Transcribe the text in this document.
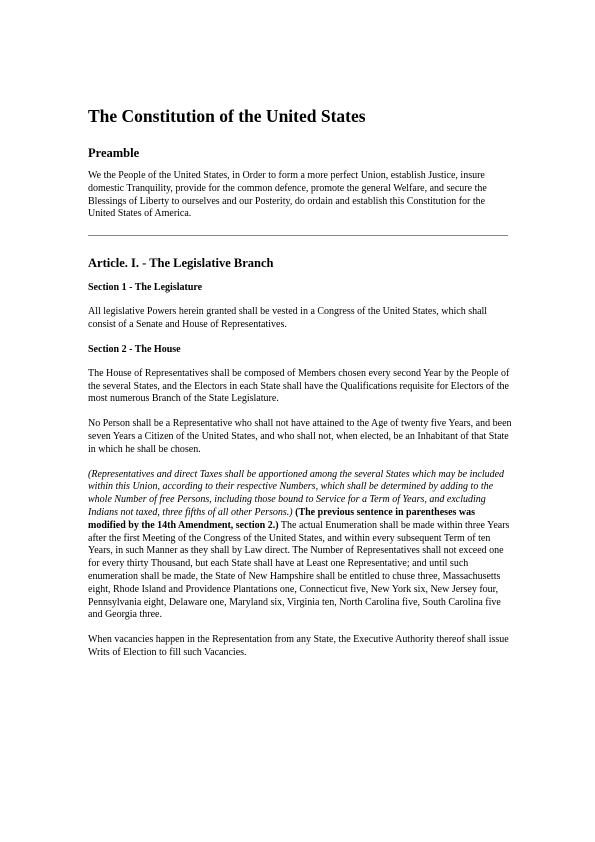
The Constitution of the United States
Preamble

We the People of the United States, in Order to form a more perfect Union, establish Justice, insure domestic Tranquility, provide for the common defence, promote the general Welfare, and secure the Blessings of Liberty to ourselves and our Posterity, do ordain and establish this Constitution for the United States of America.

Article. I. - The Legislative Branch
Section 1 - The Legislature

All legislative Powers herein granted shall be vested in a Congress of the United States, which shall consist of a Senate and House of Representatives.

Section 2 - The House

The House of Representatives shall be composed of Members chosen every second Year by the People of the several States, and the Electors in each State shall have the Qualifications requisite for Electors of the most numerous Branch of the State Legislature.

No Person shall be a Representative who shall not have attained to the Age of twenty five Years, and been seven Years a Citizen of the United States, and who shall not, when elected, be an Inhabitant of that State in which he shall be chosen.

(Representatives and direct Taxes shall be apportioned among the several States which may be included within this Union, according to their respective Numbers, which shall be determined by adding to the whole Number of free Persons, including those bound to Service for a Term of Years, and excluding Indians not taxed, three fifths of all other Persons.) (The previous sentence in parentheses was modified by the 14th Amendment, section 2.) The actual Enumeration shall be made within three Years after the first Meeting of the Congress of the United States, and within every subsequent Term of ten Years, in such Manner as they shall by Law direct. The Number of Representatives shall not exceed one for every thirty Thousand, but each State shall have at Least one Representative; and until such enumeration shall be made, the State of New Hampshire shall be entitled to chuse three, Massachusetts eight, Rhode Island and Providence Plantations one, Connecticut five, New York six, New Jersey four, Pennsylvania eight, Delaware one, Maryland six, Virginia ten, North Carolina five, South Carolina five and Georgia three.

When vacancies happen in the Representation from any State, the Executive Authority thereof shall issue Writs of Election to fill such Vacancies.
